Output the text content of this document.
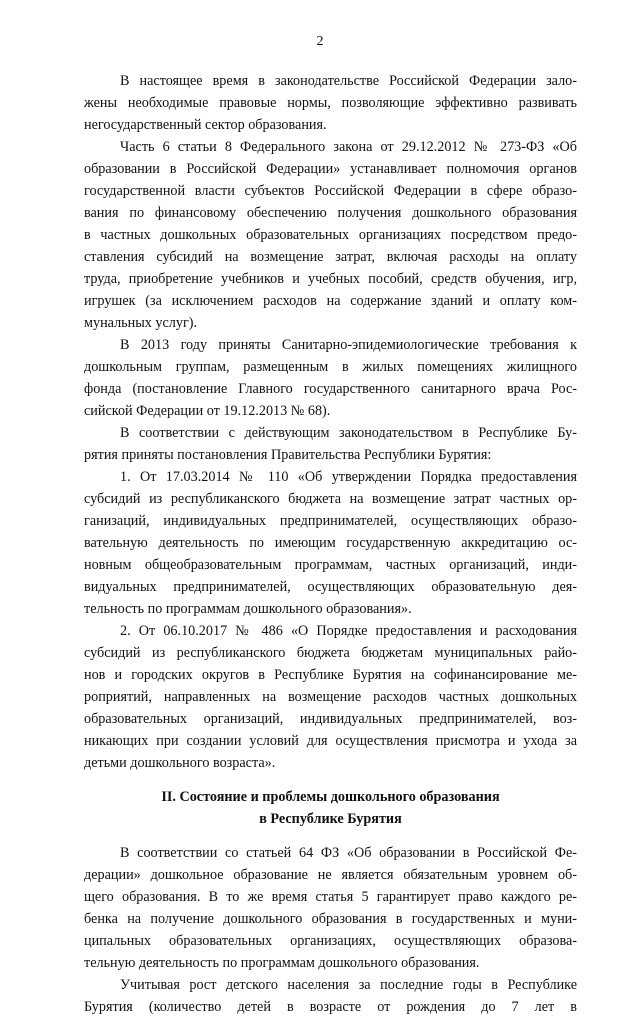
2
В настоящее время в законодательстве Российской Федерации зало-
жены необходимые правовые нормы, позволяющие эффективно развивать
негосударственный сектор образования.
Часть 6 статьи 8 Федерального закона от 29.12.2012 № 273-ФЗ «Об
образовании в Российской Федерации» устанавливает полномочия органов
государственной власти субъектов Российской Федерации в сфере образо-
вания по финансовому обеспечению получения дошкольного образования
в частных дошкольных образовательных организациях посредством предо-
ставления субсидий на возмещение затрат, включая расходы на оплату
труда, приобретение учебников и учебных пособий, средств обучения, игр,
игрушек (за исключением расходов на содержание зданий и оплату ком-
мунальных услуг).
В 2013 году приняты Санитарно-эпидемиологические требования к
дошкольным группам, размещенным в жилых помещениях жилищного
фонда (постановление Главного государственного санитарного врача Рос-
сийской Федерации от 19.12.2013 № 68).
В соответствии с действующим законодательством в Республике Бу-
рятия приняты постановления Правительства Республики Бурятия:
1. От 17.03.2014 № 110 «Об утверждении Порядка предоставления
субсидий из республиканского бюджета на возмещение затрат частных ор-
ганизаций, индивидуальных предпринимателей, осуществляющих образо-
вательную деятельность по имеющим государственную аккредитацию ос-
новным общеобразовательным программам, частных организаций, инди-
видуальных предпринимателей, осуществляющих образовательную дея-
тельность по программам дошкольного образования».
2. От 06.10.2017 № 486 «О Порядке предоставления и расходования
субсидий из республиканского бюджета бюджетам муниципальных райо-
нов и городских округов в Республике Бурятия на софинансирование ме-
роприятий, направленных на возмещение расходов частных дошкольных
образовательных организаций, индивидуальных предпринимателей, воз-
никающих при создании условий для осуществления присмотра и ухода за
детьми дошкольного возраста».
II. Состояние и проблемы дошкольного образования
в Республике Бурятия
В соответствии со статьей 64 ФЗ «Об образовании в Российской Фе-
дерации» дошкольное образование не является обязательным уровнем об-
щего образования. В то же время статья 5 гарантирует право каждого ре-
бенка на получение дошкольного образования в государственных и муни-
ципальных образовательных организациях, осуществляющих образова-
тельную деятельность по программам дошкольного образования.
Учитывая рост детского населения за последние годы в Республике
Бурятия (количество детей в возрасте от рождения до 7 лет в
